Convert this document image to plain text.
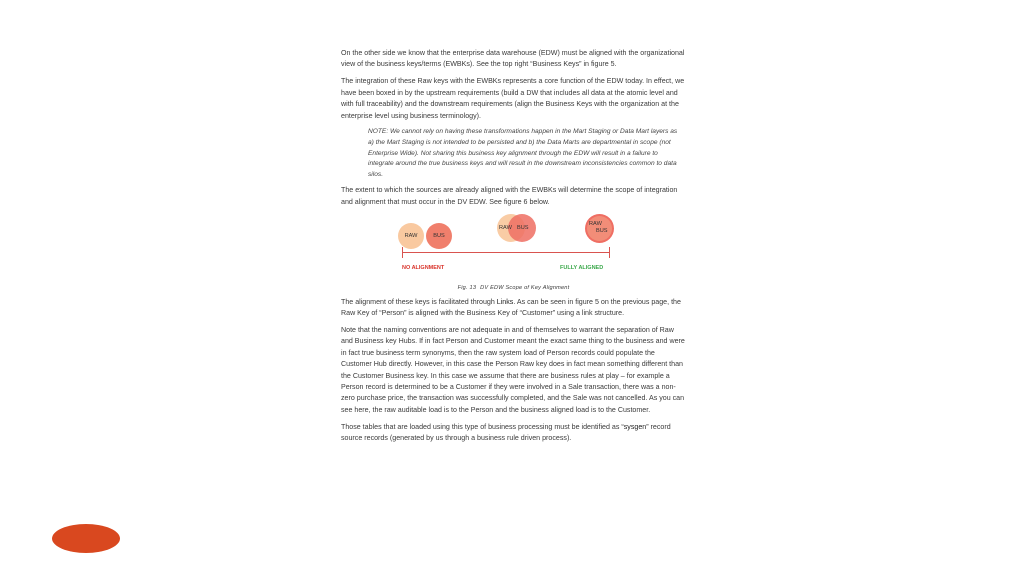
On the other side we know that the enterprise data warehouse (EDW) must be aligned with the organizational view of the business keys/terms (EWBKs). See the top right “Business Keys” in figure 5.

The integration of these Raw keys with the EWBKs represents a core function of the EDW today. In effect, we have been boxed in by the upstream requirements (build a DW that includes all data at the atomic level and with full traceability) and the downstream requirements (align the Business Keys with the organization at the enterprise level using business terminology).

NOTE: We cannot rely on having these transformations happen in the Mart Staging or Data Mart layers as a) the Mart Staging is not intended to be persisted and b) the Data Marts are departmental in scope (not Enterprise Wide). Not sharing this business key alignment through the EDW will result in a failure to integrate around the true business keys and will result in the downstream inconsistencies common to data silos.

The extent to which the sources are already aligned with the EWBKs will determine the scope of integration and alignment that must occur in the DV EDW. See figure 6 below.

RAW	BUS
RAW BUS
RAW
BUS
NO ALIGNMENT	FULLY ALIGNED
Fig. 13 DV EDW Scope of Key Alignment

The alignment of these keys is facilitated through Links. As can be seen in figure 5 on the previous page, the Raw Key of “Person” is aligned with the Business Key of “Customer” using a link structure.

Note that the naming conventions are not adequate in and of themselves to warrant the separation of Raw and Business key Hubs. If in fact Person and Customer meant the exact same thing to the business and were in fact true business term synonyms, then the raw system load of Person records could populate the Customer Hub directly. However, in this case the Person Raw key does in fact mean something different than the Customer Business key. In this case we assume that there are business rules at play – for example a Person record is determined to be a Customer if they were involved in a Sale transaction, there was a non-zero purchase price, the transaction was successfully completed, and the Sale was not cancelled. As you can see here, the raw auditable load is to the Person and the business aligned load is to the Customer.

Those tables that are loaded using this type of business processing must be identified as “sysgen” record source records (generated by us through a business rule driven process).
